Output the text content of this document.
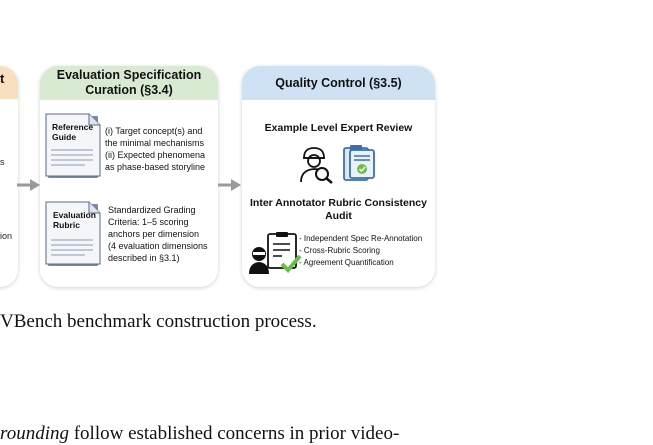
t
s
ion
Evaluation Specification Curation (§3.4)
Reference Guide
(i) Target concept(s) and
the minimal mechanisms
(ii) Expected phenomena
as phase-based storyline
Evaluation Rubric
Standardized Grading
Criteria: 1–5 scoring
anchors per dimension
(4 evaluation dimensions
described in §3.1)
Quality Control (§3.5)
Example Level Expert Review
Inter Annotator Rubric Consistency Audit
- Independent Spec Re-Annotation
- Cross-Rubric Scoring
- Agreement Quantification
VBench benchmark construction process.
rounding follow established concerns in prior video-
